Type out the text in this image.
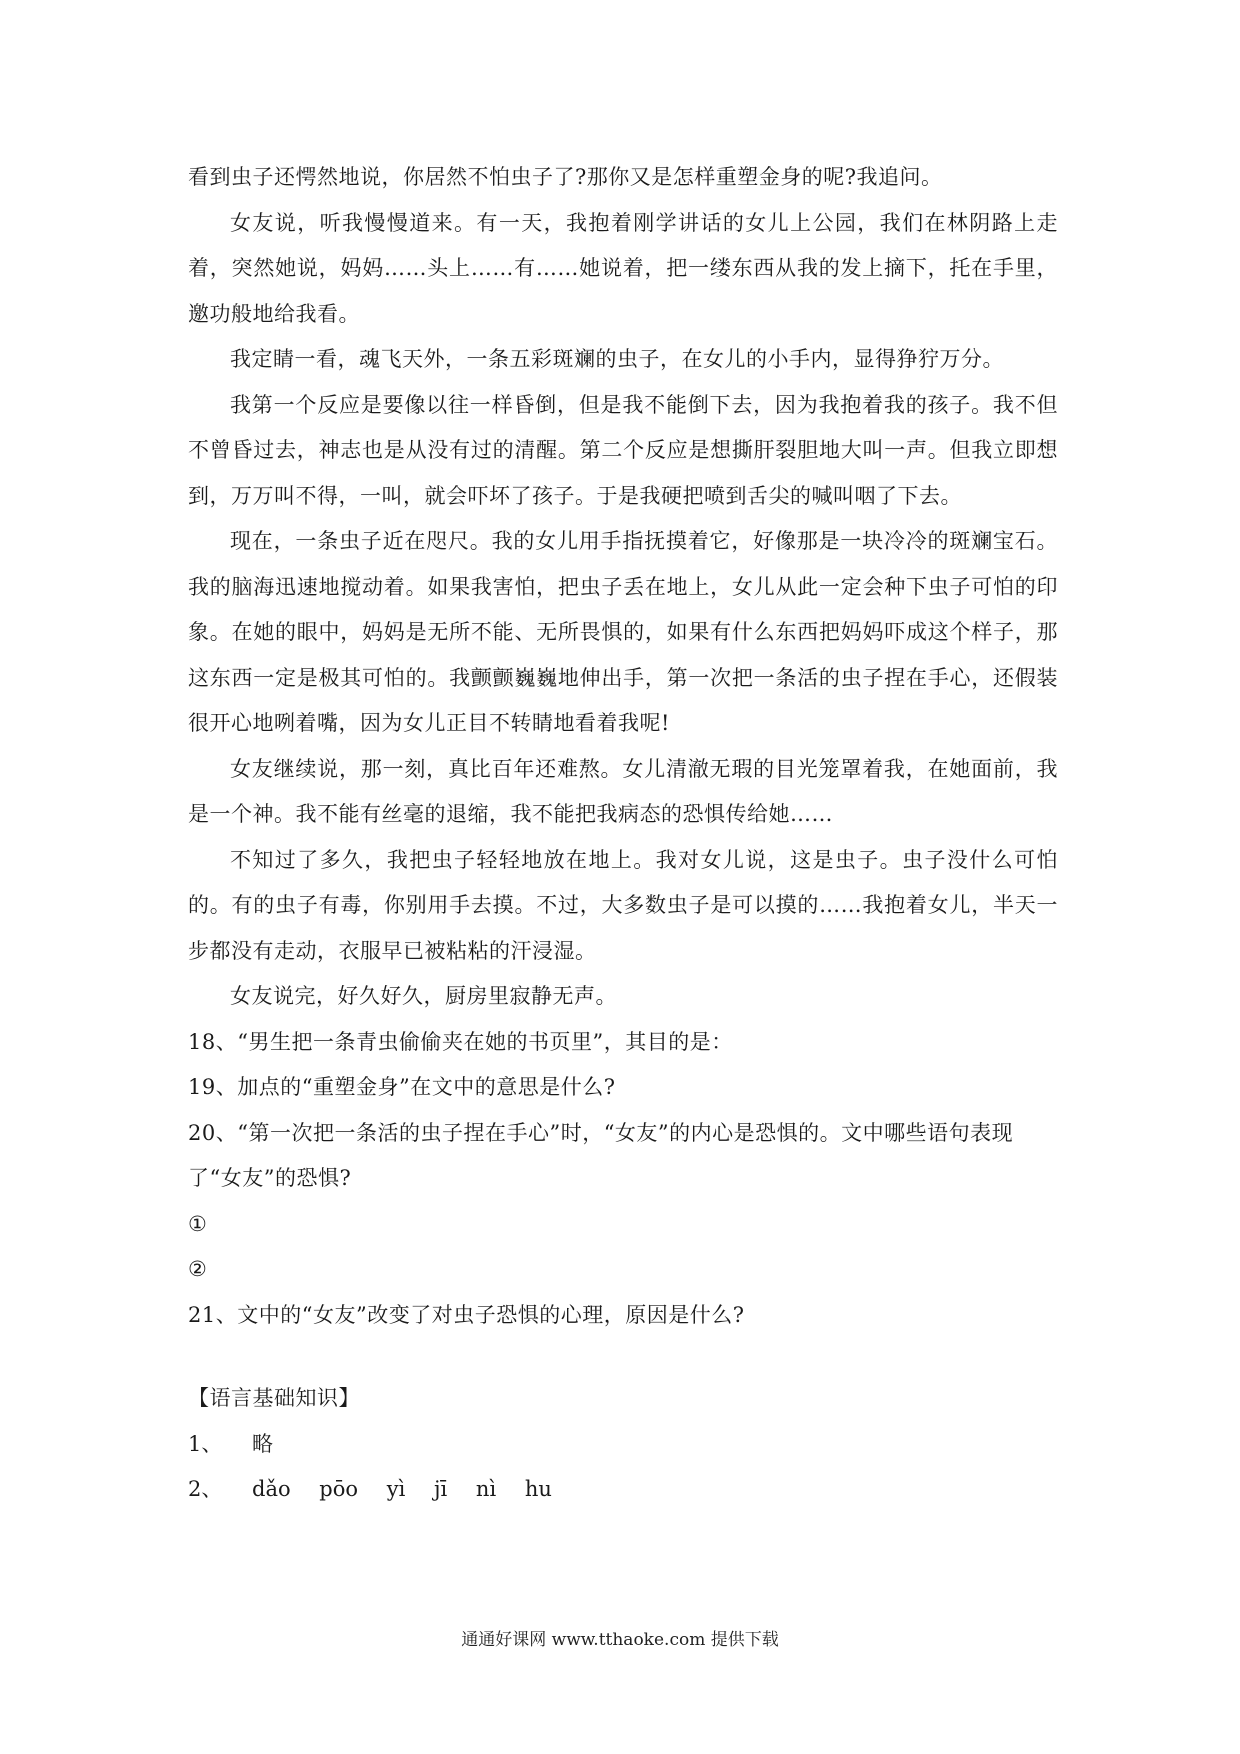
看到虫子还愕然地说，你居然不怕虫子了?那你又是怎样重塑金身的呢?我追问。

女友说，听我慢慢道来。有一天，我抱着刚学讲话的女儿上公园，我们在林阴路上走着，突然她说，妈妈……头上……有……她说着，把一缕东西从我的发上摘下，托在手里，邀功般地给我看。

我定睛一看，魂飞天外，一条五彩斑斓的虫子，在女儿的小手内，显得狰狞万分。

我第一个反应是要像以往一样昏倒，但是我不能倒下去，因为我抱着我的孩子。我不但不曾昏过去，神志也是从没有过的清醒。第二个反应是想撕肝裂胆地大叫一声。但我立即想到，万万叫不得，一叫，就会吓坏了孩子。于是我硬把喷到舌尖的喊叫咽了下去。

现在，一条虫子近在咫尺。我的女儿用手指抚摸着它，好像那是一块冷冷的斑斓宝石。我的脑海迅速地搅动着。如果我害怕，把虫子丢在地上，女儿从此一定会种下虫子可怕的印象。在她的眼中，妈妈是无所不能、无所畏惧的，如果有什么东西把妈妈吓成这个样子，那这东西一定是极其可怕的。我颤颤巍巍地伸出手，第一次把一条活的虫子捏在手心，还假装很开心地咧着嘴，因为女儿正目不转睛地看着我呢!

女友继续说，那一刻，真比百年还难熬。女儿清澈无瑕的目光笼罩着我，在她面前，我是一个神。我不能有丝毫的退缩，我不能把我病态的恐惧传给她……

不知过了多久，我把虫子轻轻地放在地上。我对女儿说，这是虫子。虫子没什么可怕的。有的虫子有毒，你别用手去摸。不过，大多数虫子是可以摸的……我抱着女儿，半天一步都没有走动，衣服早已被粘粘的汗浸湿。

女友说完，好久好久，厨房里寂静无声。

18、“男生把一条青虫偷偷夹在她的书页里”，其目的是：

19、加点的“重塑金身”在文中的意思是什么?

20、“第一次把一条活的虫子捏在手心”时，“女友”的内心是恐惧的。文中哪些语句表现了“女友”的恐惧?

①

②

21、文中的“女友”改变了对虫子恐惧的心理，原因是什么?

【语言基础知识】

1、	略
2、	dǎo pōo yì jī nì hu
通通好课网 www.tthaoke.com 提供下载
